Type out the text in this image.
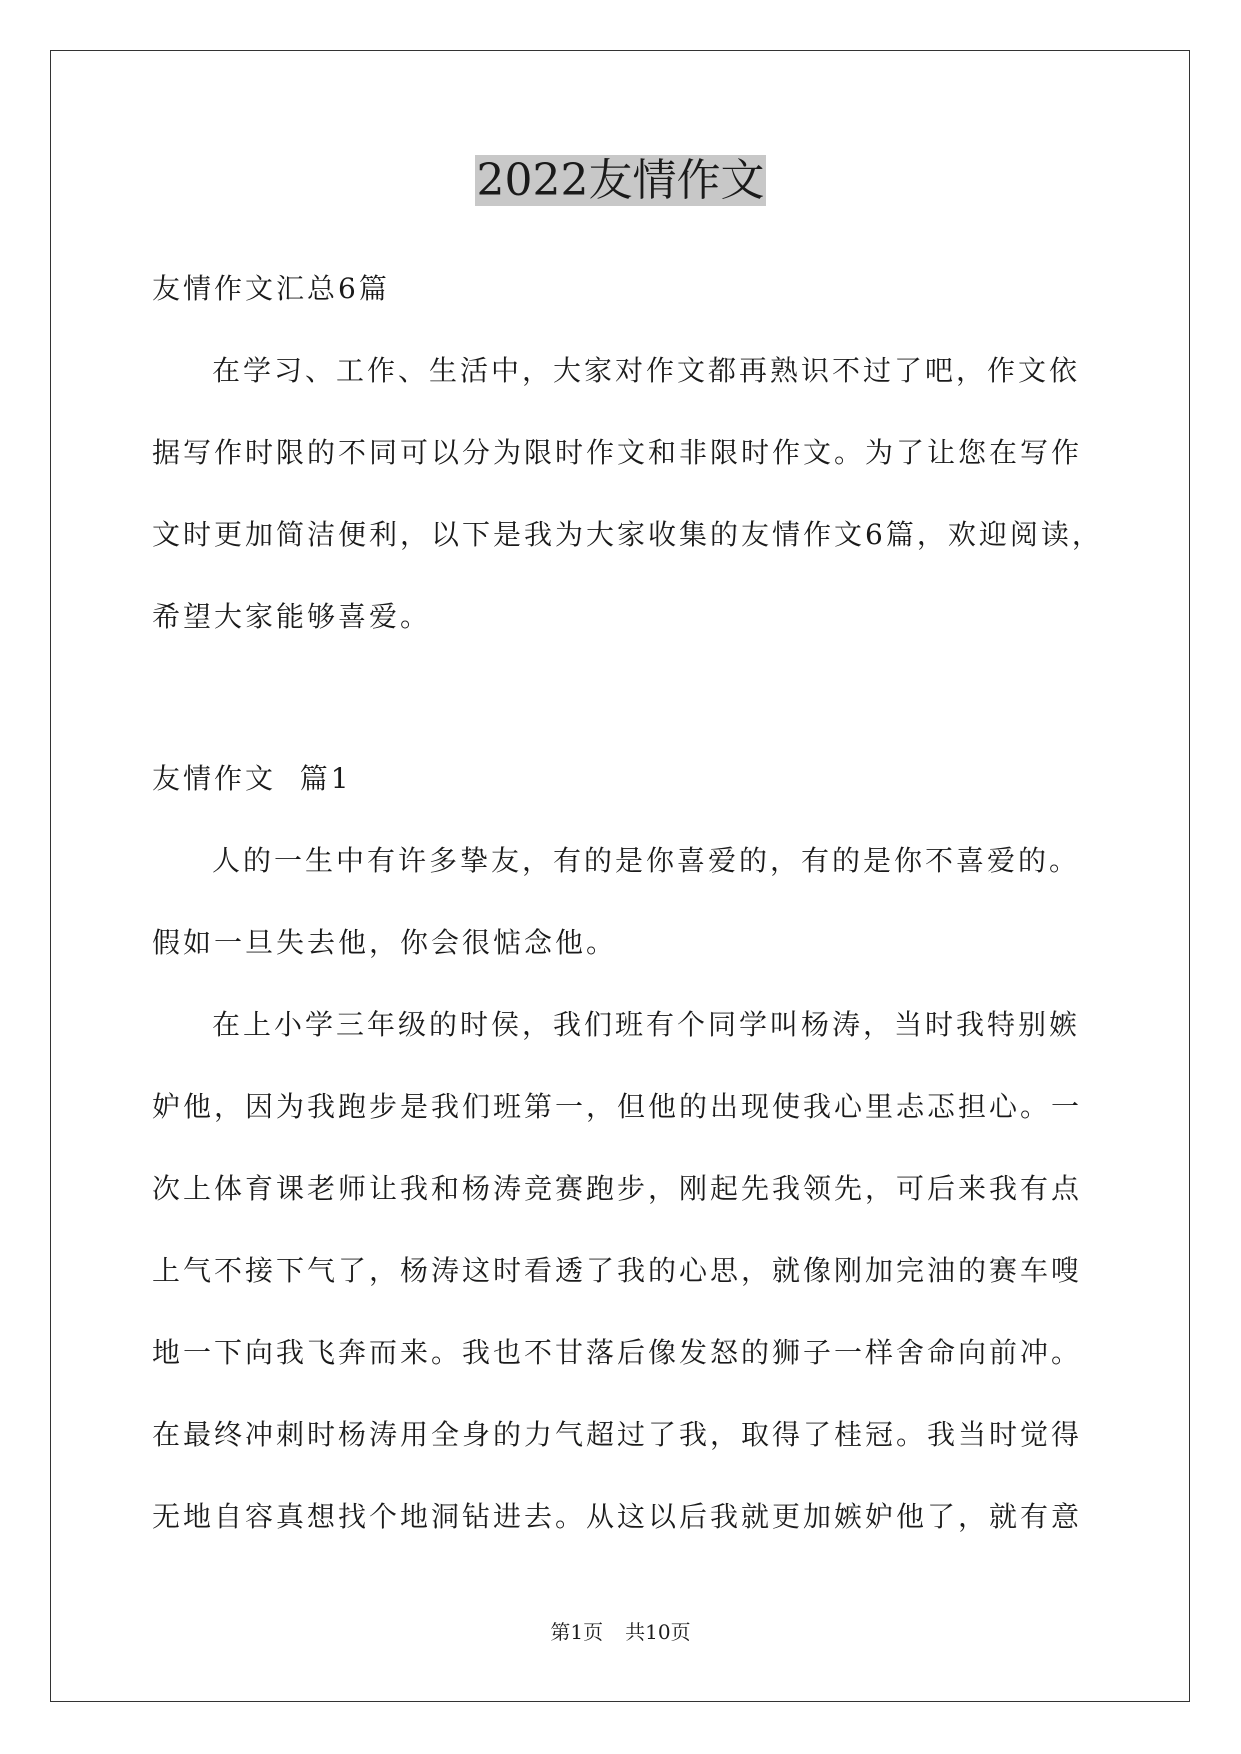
2022友情作文
友情作文汇总6篇
在学习、工作、生活中，大家对作文都再熟识不过了吧，作文依
据写作时限的不同可以分为限时作文和非限时作文。为了让您在写作
文时更加简洁便利，以下是我为大家收集的友情作文6篇，欢迎阅读，
希望大家能够喜爱。
友情作文  篇1
人的一生中有许多挚友，有的是你喜爱的，有的是你不喜爱的。
假如一旦失去他，你会很惦念他。
在上小学三年级的时侯，我们班有个同学叫杨涛，当时我特别嫉
妒他，因为我跑步是我们班第一，但他的出现使我心里忐忑担心。一
次上体育课老师让我和杨涛竞赛跑步，刚起先我领先，可后来我有点
上气不接下气了，杨涛这时看透了我的心思，就像刚加完油的赛车嗖
地一下向我飞奔而来。我也不甘落后像发怒的狮子一样舍命向前冲。
在最终冲刺时杨涛用全身的力气超过了我，取得了桂冠。我当时觉得
无地自容真想找个地洞钻进去。从这以后我就更加嫉妒他了，就有意
第1页 共10页
